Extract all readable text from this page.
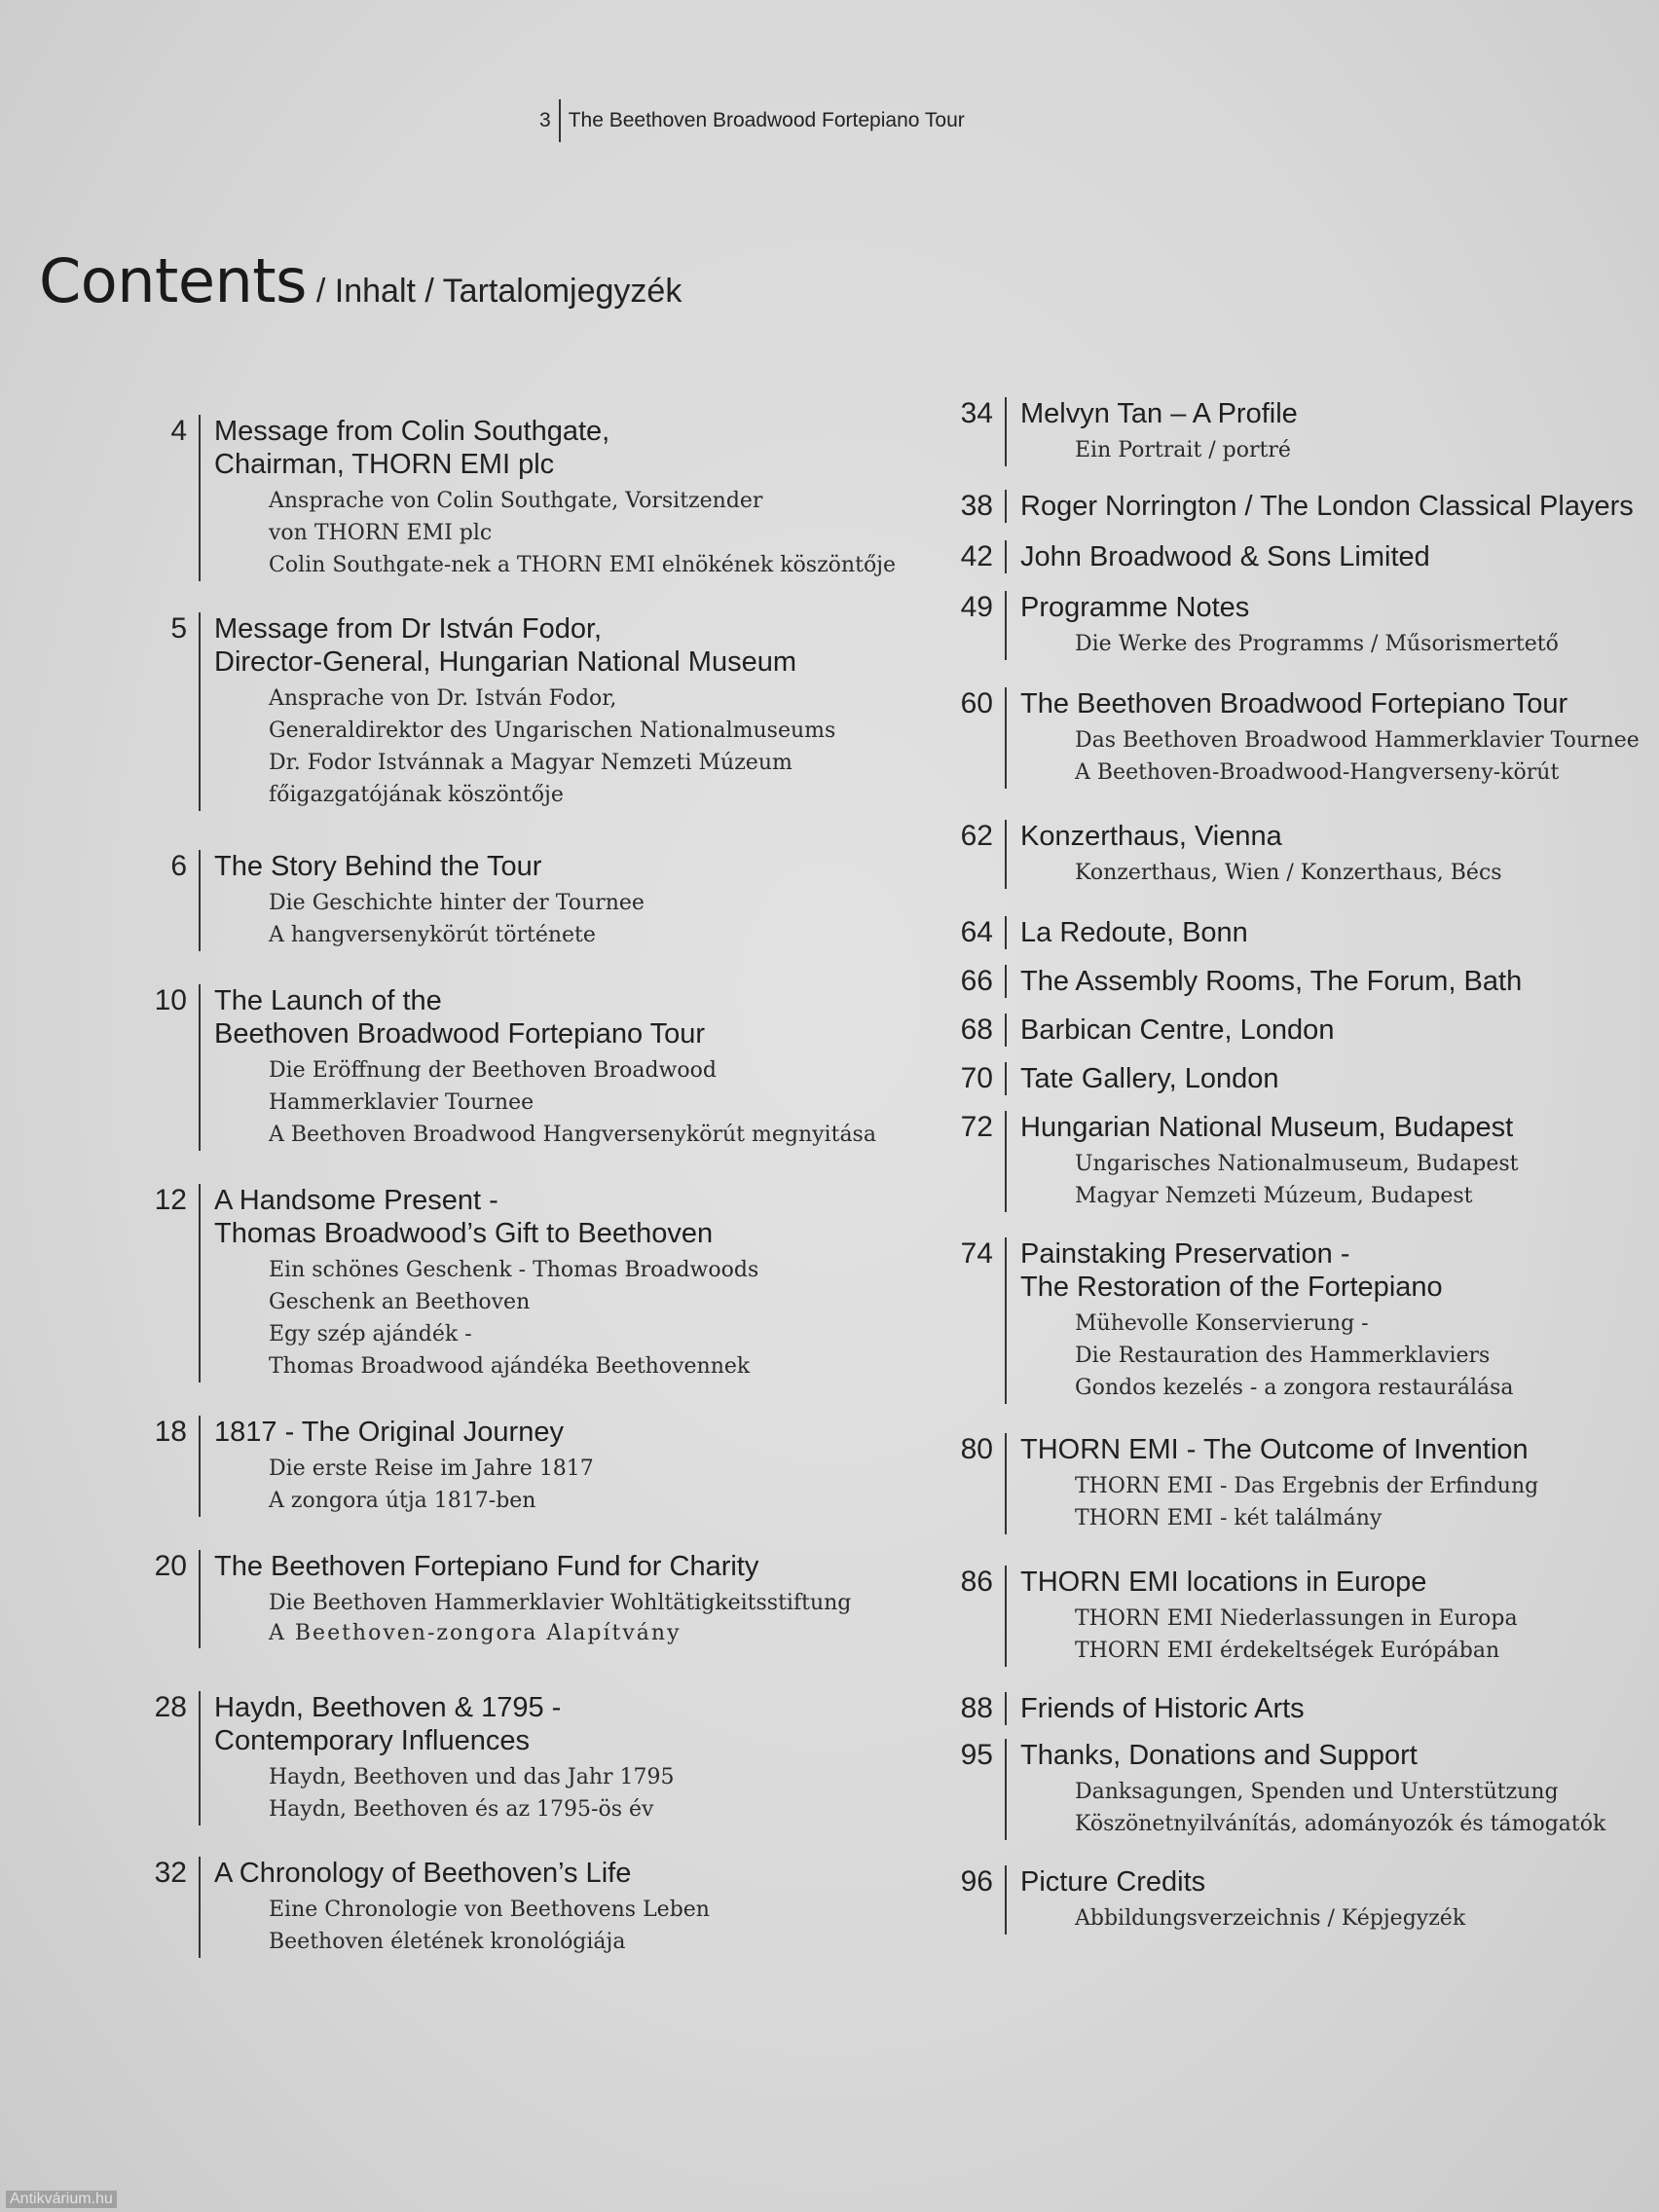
3 The Beethoven Broadwood Fortepiano Tour
Contents / Inhalt / Tartalomjegyzék
4 Message from Colin Southgate,
Chairman, THORN EMI plc
Ansprache von Colin Southgate, Vorsitzender
von THORN EMI plc
Colin Southgate-nek a THORN EMI elnökének köszöntője
5 Message from Dr István Fodor,
Director-General, Hungarian National Museum
Ansprache von Dr. István Fodor,
Generaldirektor des Ungarischen Nationalmuseums
Dr. Fodor Istvánnak a Magyar Nemzeti Múzeum
főigazgatójának köszöntője
6 The Story Behind the Tour
Die Geschichte hinter der Tournee
A hangversenykörút története
10 The Launch of the
Beethoven Broadwood Fortepiano Tour
Die Eröffnung der Beethoven Broadwood
Hammerklavier Tournee
A Beethoven Broadwood Hangversenykörút megnyitása
12 A Handsome Present -
Thomas Broadwood’s Gift to Beethoven
Ein schönes Geschenk - Thomas Broadwoods
Geschenk an Beethoven
Egy szép ajándék -
Thomas Broadwood ajándéka Beethovennek
18 1817 - The Original Journey
Die erste Reise im Jahre 1817
A zongora útja 1817-ben
20 The Beethoven Fortepiano Fund for Charity
Die Beethoven Hammerklavier Wohltätigkeitsstiftung
A Beethoven-zongora Alapítvány
28 Haydn, Beethoven & 1795 -
Contemporary Influences
Haydn, Beethoven und das Jahr 1795
Haydn, Beethoven és az 1795-ös év
32 A Chronology of Beethoven’s Life
Eine Chronologie von Beethovens Leben
Beethoven életének kronológiája
34 Melvyn Tan – A Profile
Ein Portrait / portré
38 Roger Norrington / The London Classical Players
42 John Broadwood & Sons Limited
49 Programme Notes
Die Werke des Programms / Műsorismertető
60 The Beethoven Broadwood Fortepiano Tour
Das Beethoven Broadwood Hammerklavier Tournee
A Beethoven-Broadwood-Hangverseny-körút
62 Konzerthaus, Vienna
Konzerthaus, Wien / Konzerthaus, Bécs
64 La Redoute, Bonn
66 The Assembly Rooms, The Forum, Bath
68 Barbican Centre, London
70 Tate Gallery, London
72 Hungarian National Museum, Budapest
Ungarisches Nationalmuseum, Budapest
Magyar Nemzeti Múzeum, Budapest
74 Painstaking Preservation -
The Restoration of the Fortepiano
Mühevolle Konservierung -
Die Restauration des Hammerklaviers
Gondos kezelés - a zongora restaurálása
80 THORN EMI - The Outcome of Invention
THORN EMI - Das Ergebnis der Erfindung
THORN EMI - két találmány
86 THORN EMI locations in Europe
THORN EMI Niederlassungen in Europa
THORN EMI érdekeltségek Európában
88 Friends of Historic Arts
95 Thanks, Donations and Support
Danksagungen, Spenden und Unterstützung
Köszönetnyilvánítás, adományozók és támogatók
96 Picture Credits
Abbildungsverzeichnis / Képjegyzék
Antikvárium.hu
